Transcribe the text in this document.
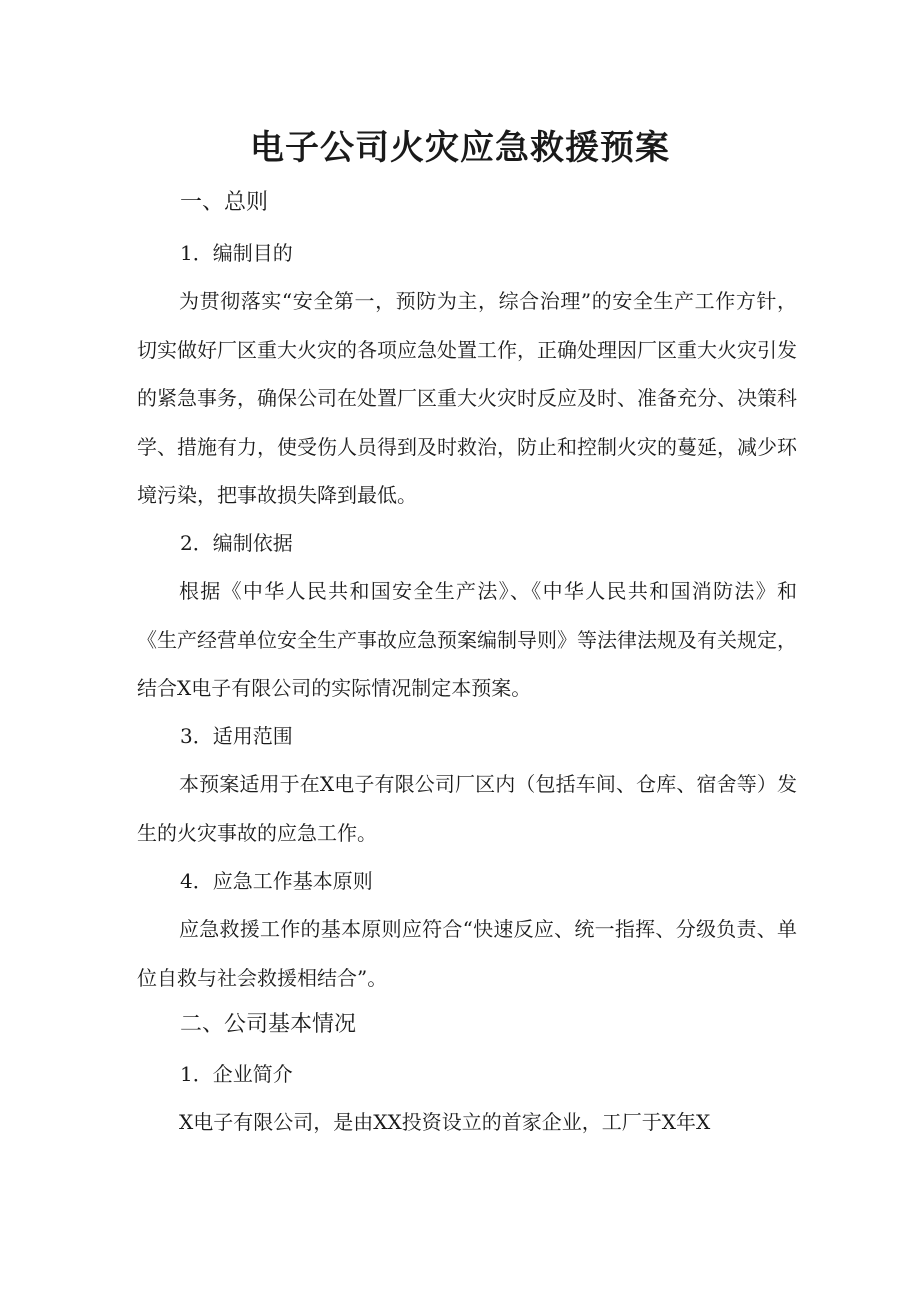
电子公司火灾应急救援预案
一、总则
1．编制目的

为贯彻落实“安全第一，预防为主，综合治理”的安全生产工作方针，切实做好厂区重大火灾的各项应急处置工作，正确处理因厂区重大火灾引发的紧急事务，确保公司在处置厂区重大火灾时反应及时、准备充分、决策科学、措施有力，使受伤人员得到及时救治，防止和控制火灾的蔓延，减少环境污染，把事故损失降到最低。

2．编制依据

根据《中华人民共和国安全生产法》、《中华人民共和国消防法》和《生产经营单位安全生产事故应急预案编制导则》等法律法规及有关规定，结合X电子有限公司的实际情况制定本预案。

3．适用范围

本预案适用于在X电子有限公司厂区内（包括车间、仓库、宿舍等）发生的火灾事故的应急工作。

4．应急工作基本原则

应急救援工作的基本原则应符合“快速反应、统一指挥、分级负责、单位自救与社会救援相结合”。

二、公司基本情况
1．企业简介

X电子有限公司，是由XX投资设立的首家企业，工厂于X年X
